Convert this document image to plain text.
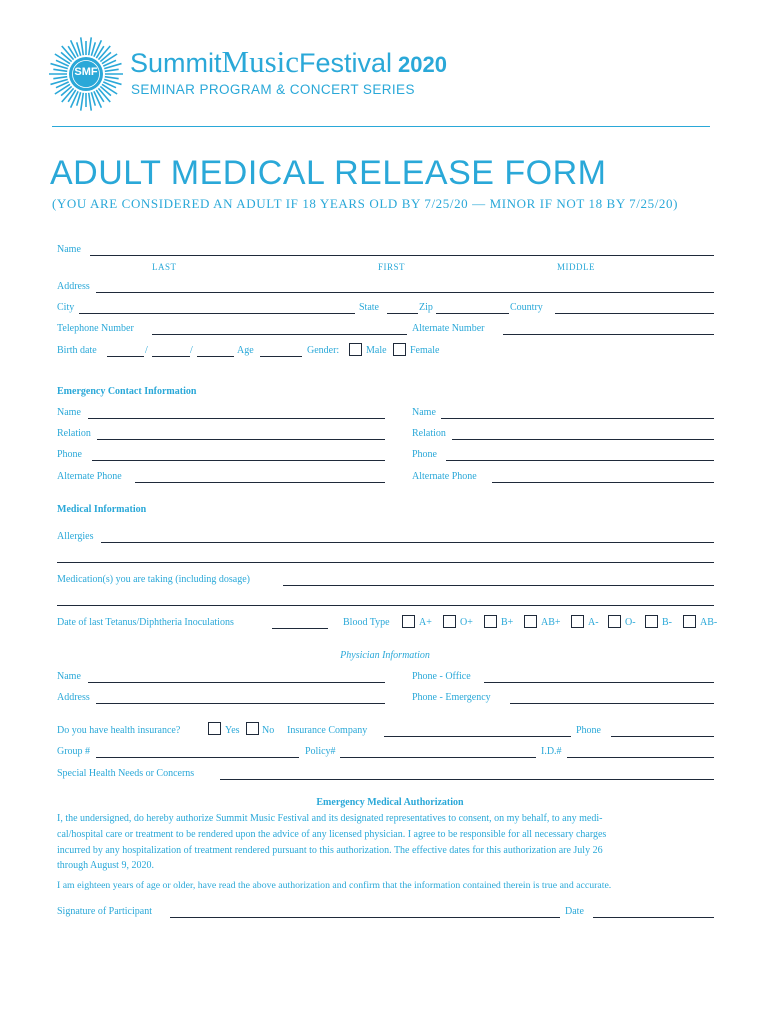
SMF SummitMusicFestival 2020
SEMINAR PROGRAM & CONCERT SERIES
ADULT MEDICAL RELEASE FORM
(YOU ARE CONSIDERED AN ADULT IF 18 YEARS OLD BY 7/25/20 — MINOR IF NOT 18 BY 7/25/20)
Name
LAST	FIRST	MIDDLE
Address
City	State	Zip	Country
Telephone Number	Alternate Number
Birth date	/	/	Age	Gender:	Male Female
Emergency Contact Information
Name	Name
Relation	Relation
Phone	Phone
Alternate Phone	Alternate Phone
Medical Information
Allergies
Medication(s) you are taking (including dosage)
Date of last Tetanus/Diphtheria Inoculations	Blood Type	A+	O+	B+	AB+	A-	O-	B-	AB-
Physician Information
Name	Phone - Office
Address	Phone - Emergency
Do you have health insurance?	Yes No Insurance Company	Phone
Group #	Policy#	I.D.#
Special Health Needs or Concerns
Emergency Medical Authorization
I, the undersigned, do hereby authorize Summit Music Festival and its designated representatives to consent, on my behalf, to any medi-
cal/hospital care or treatment to be rendered upon the advice of any licensed physician. I agree to be responsible for all necessary charges
incurred by any hospitalization of treatment rendered pursuant to this authorization. The effective dates for this authorization are July 26
through August 9, 2020.
I am eighteen years of age or older, have read the above authorization and confirm that the information contained therein is true and accurate.
Signature of Participant	Date
